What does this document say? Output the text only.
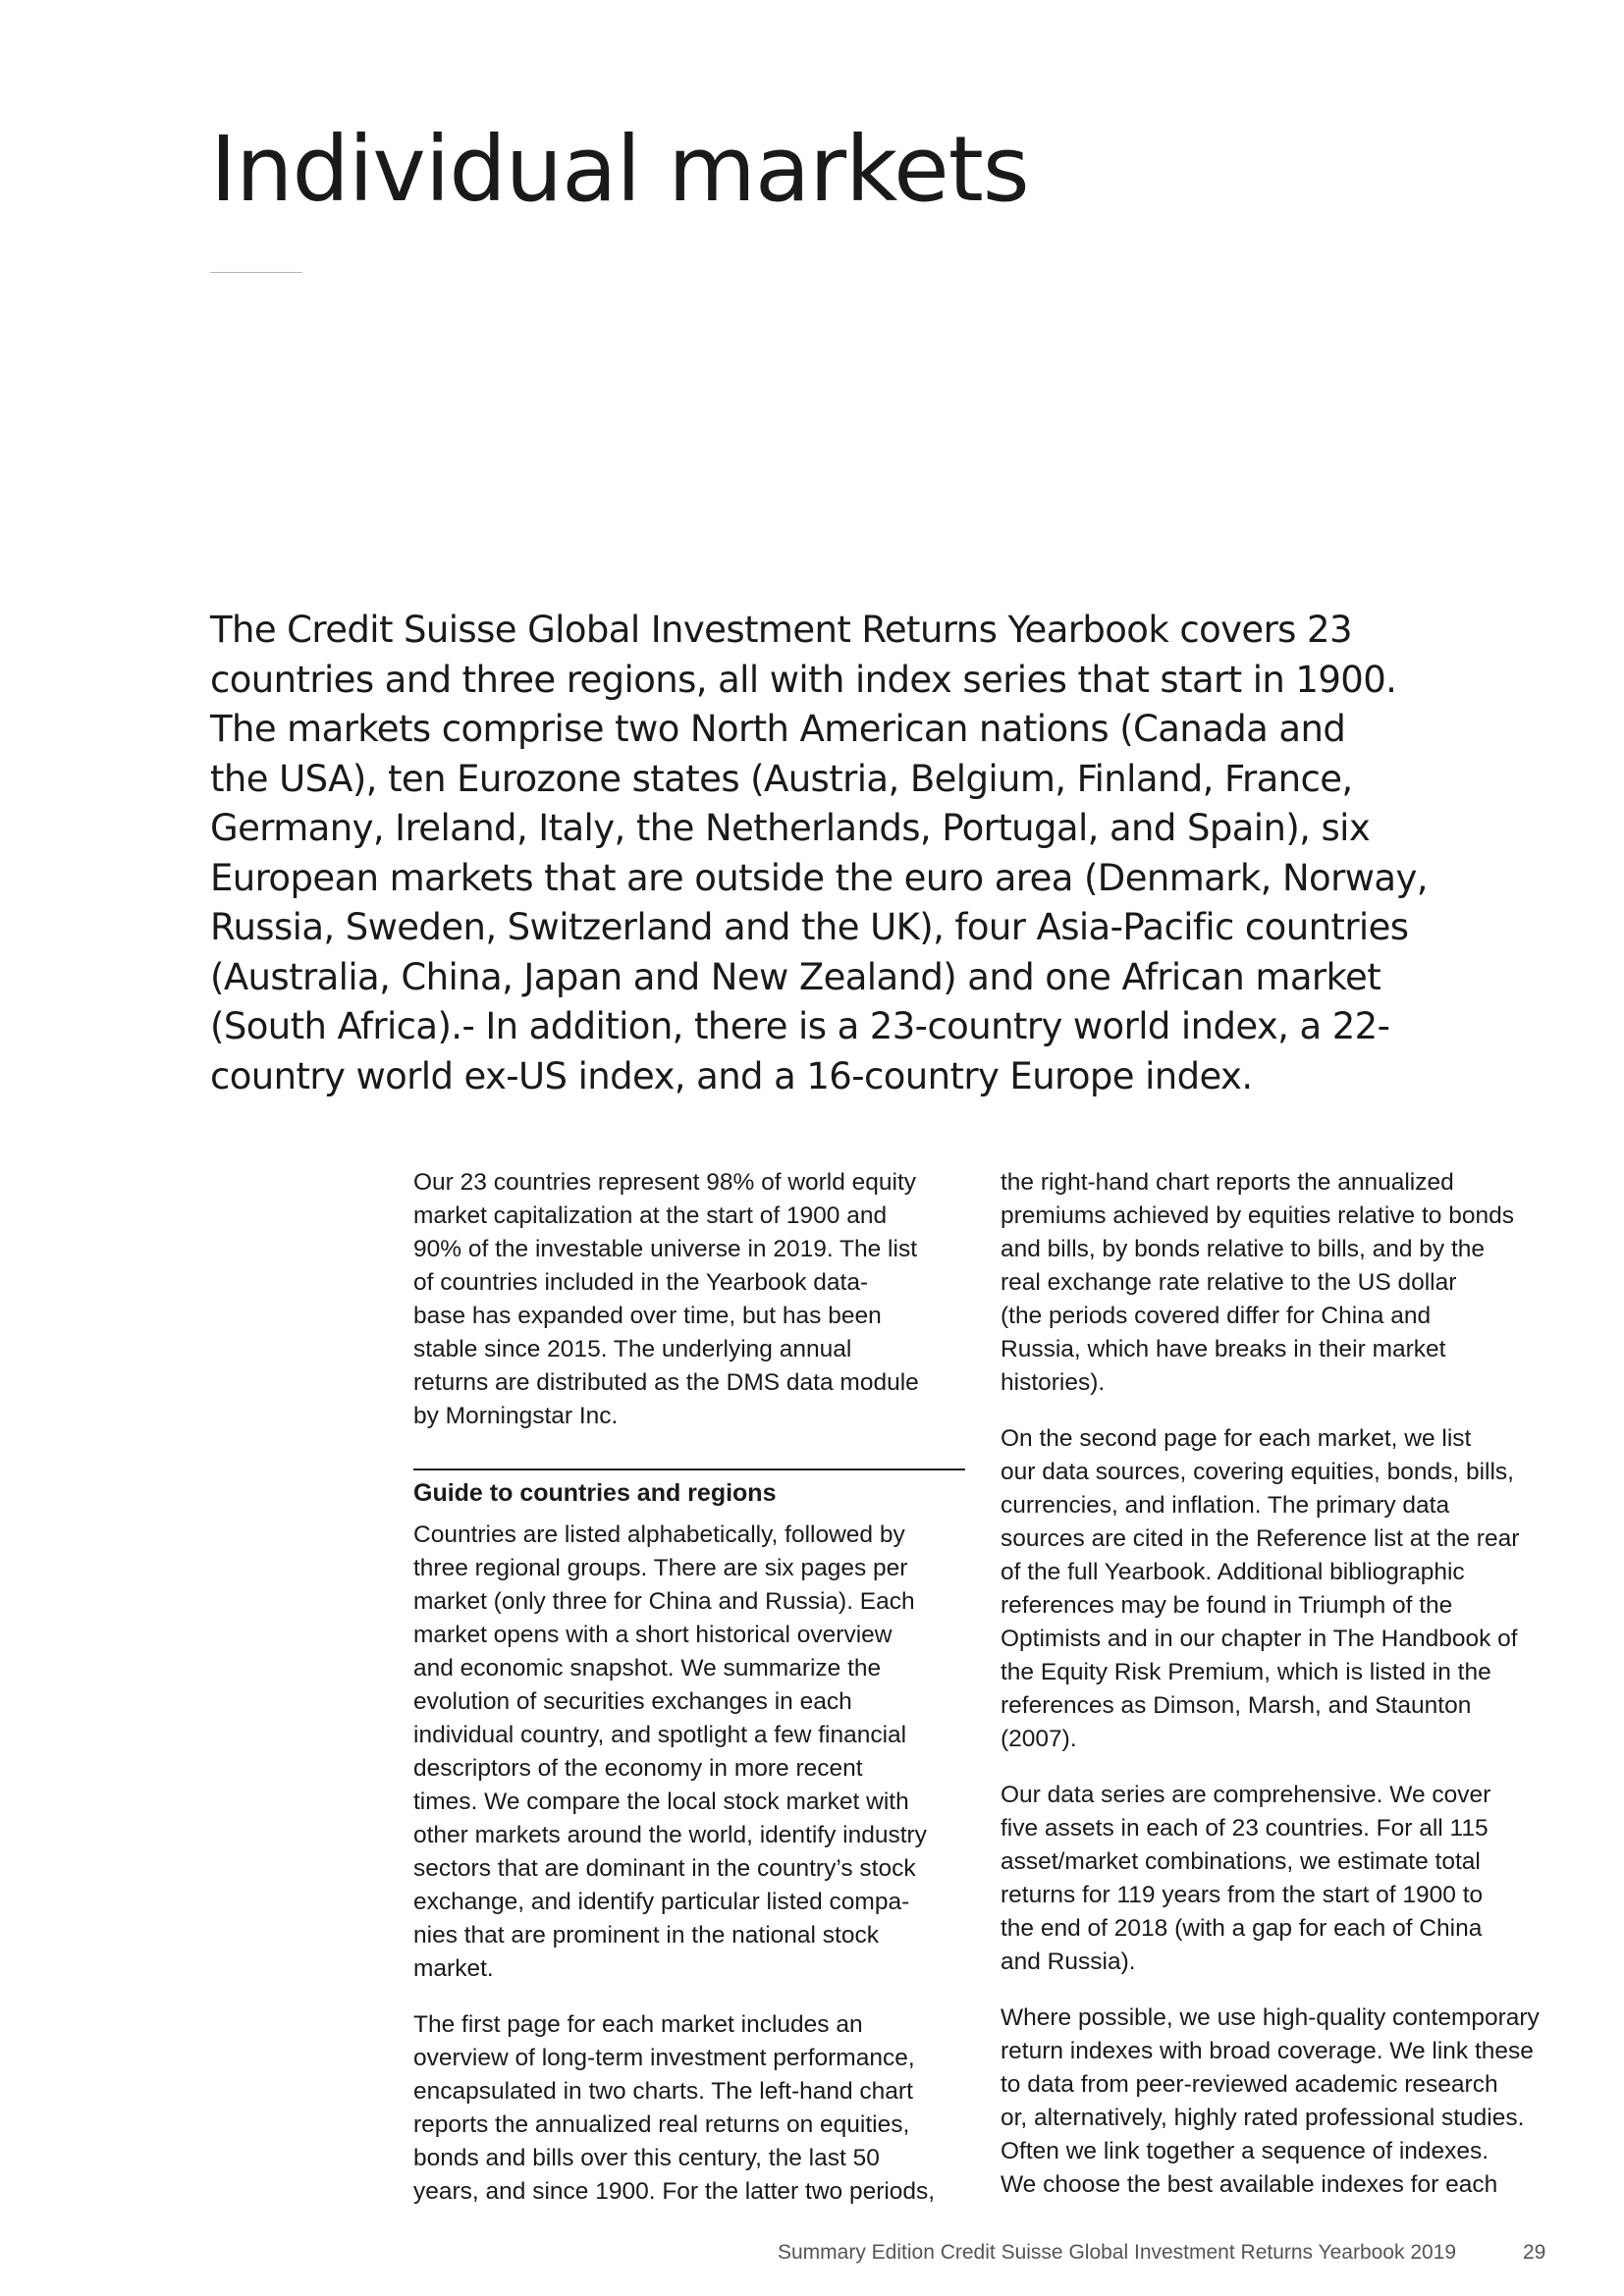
Individual markets

The Credit Suisse Global Investment Returns Yearbook covers 23
countries and three regions, all with index series that start in 1900.
The markets comprise two North American nations (Canada and
the USA), ten Eurozone states (Austria, Belgium, Finland, France,
Germany, Ireland, Italy, the Netherlands, Portugal, and Spain), six
European markets that are outside the euro area (Denmark, Norway,
Russia, Sweden, Switzerland and the UK), four Asia-Pacific countries
(Australia, China, Japan and New Zealand) and one African market
(South Africa).- In addition, there is a 23-country world index, a 22-
country world ex-US index, and a 16-country Europe index.

Our 23 countries represent 98% of world equity
market capitalization at the start of 1900 and
90% of the investable universe in 2019. The list
of countries included in the Yearbook data-
base has expanded over time, but has been
stable since 2015. The underlying annual
returns are distributed as the DMS data module
by Morningstar Inc.

Guide to countries and regions

Countries are listed alphabetically, followed by
three regional groups. There are six pages per
market (only three for China and Russia). Each
market opens with a short historical overview
and economic snapshot. We summarize the
evolution of securities exchanges in each
individual country, and spotlight a few financial
descriptors of the economy in more recent
times. We compare the local stock market with
other markets around the world, identify industry
sectors that are dominant in the country’s stock
exchange, and identify particular listed compa-
nies that are prominent in the national stock
market.

The first page for each market includes an
overview of long-term investment performance,
encapsulated in two charts. The left-hand chart
reports the annualized real returns on equities,
bonds and bills over this century, the last 50
years, and since 1900. For the latter two periods,

the right-hand chart reports the annualized
premiums achieved by equities relative to bonds
and bills, by bonds relative to bills, and by the
real exchange rate relative to the US dollar
(the periods covered differ for China and
Russia, which have breaks in their market
histories).

On the second page for each market, we list
our data sources, covering equities, bonds, bills,
currencies, and inflation. The primary data
sources are cited in the Reference list at the rear
of the full Yearbook. Additional bibliographic
references may be found in Triumph of the
Optimists and in our chapter in The Handbook of
the Equity Risk Premium, which is listed in the
references as Dimson, Marsh, and Staunton
(2007).

Our data series are comprehensive. We cover
five assets in each of 23 countries. For all 115
asset/market combinations, we estimate total
returns for 119 years from the start of 1900 to
the end of 2018 (with a gap for each of China
and Russia).

Where possible, we use high-quality contemporary
return indexes with broad coverage. We link these
to data from peer-reviewed academic research
or, alternatively, highly rated professional studies.
Often we link together a sequence of indexes.
We choose the best available indexes for each

Summary Edition Credit Suisse Global Investment Returns Yearbook 2019	29
